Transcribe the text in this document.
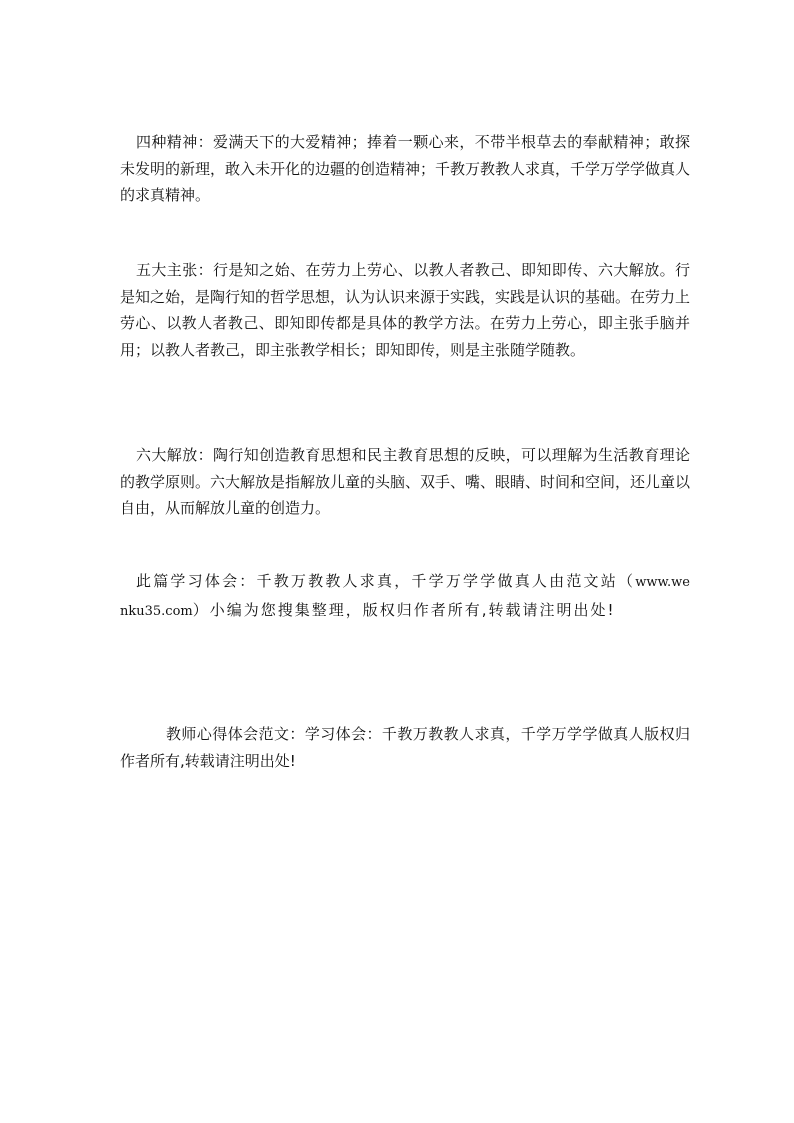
四种精神：爱满天下的大爱精神；捧着一颗心来，不带半根草去的奉献精神；敢探未发明的新理，敢入未开化的边疆的创造精神；千教万教教人求真，千学万学学做真人的求真精神。

五大主张：行是知之始、在劳力上劳心、以教人者教己、即知即传、六大解放。行是知之始，是陶行知的哲学思想，认为认识来源于实践，实践是认识的基础。在劳力上劳心、以教人者教己、即知即传都是具体的教学方法。在劳力上劳心，即主张手脑并用；以教人者教己，即主张教学相长；即知即传，则是主张随学随教。

六大解放：陶行知创造教育思想和民主教育思想的反映，可以理解为生活教育理论的教学原则。六大解放是指解放儿童的头脑、双手、嘴、眼睛、时间和空间，还儿童以自由，从而解放儿童的创造力。

此篇学习体会：千教万教教人求真，千学万学学做真人由范文站（www.wenku35.com）小编为您搜集整理，版权归作者所有,转载请注明出处!

教师心得体会范文：学习体会：千教万教教人求真，千学万学学做真人版权归作者所有,转载请注明出处!
